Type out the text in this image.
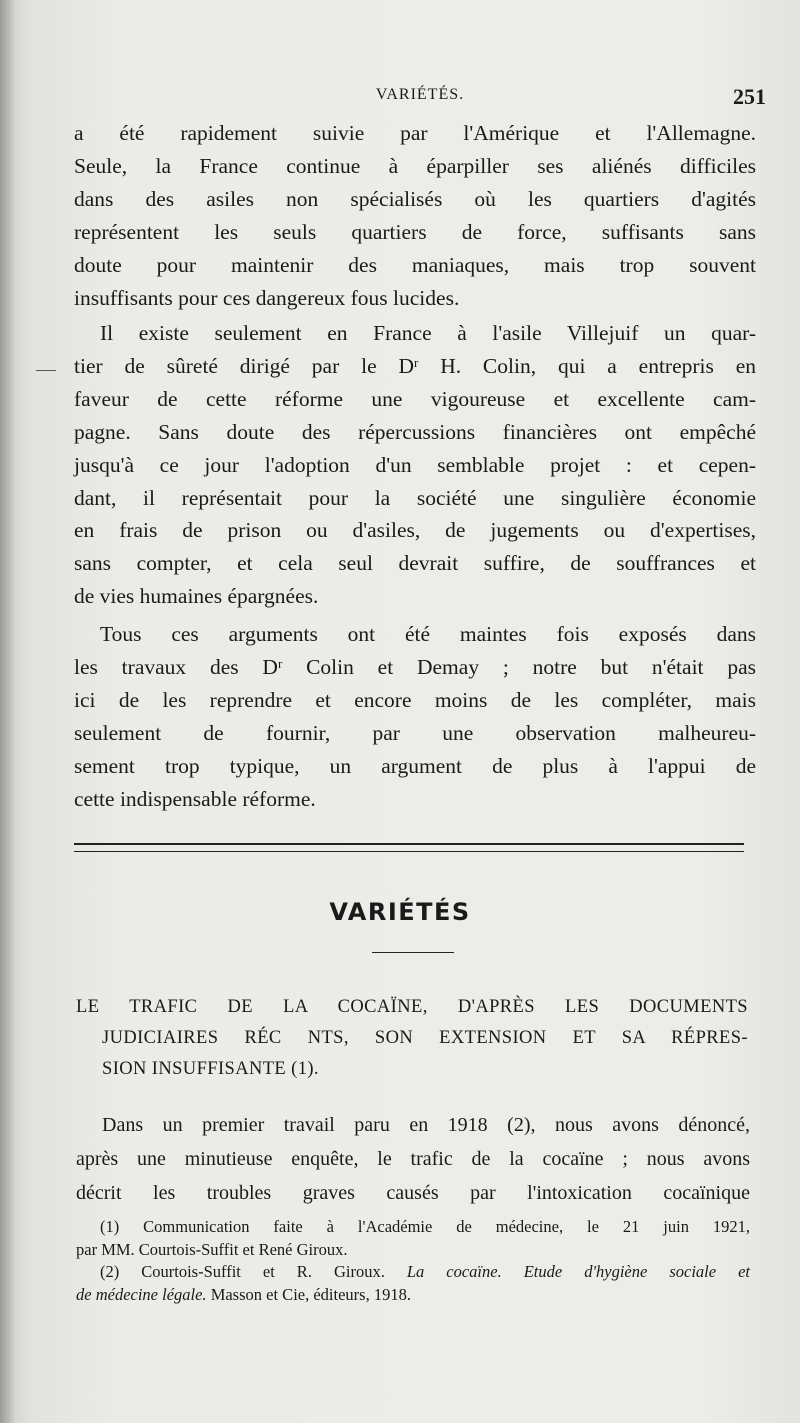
VARIÉTÉS.	251
a été rapidement suivie par l'Amérique et l'Allemagne.
Seule, la France continue à éparpiller ses aliénés difficiles
dans des asiles non spécialisés où les quartiers d'agités
représentent les seuls quartiers de force, suffisants sans
doute pour maintenir des maniaques, mais trop souvent
insuffisants pour ces dangereux fous lucides.
Il existe seulement en France à l'asile Villejuif un quar-
tier de sûreté dirigé par le $D^r$ H. Colin, qui a entrepris en
faveur de cette réforme une vigoureuse et excellente cam-
pagne. Sans doute des répercussions financières ont empêché
jusqu'à ce jour l'adoption d'un semblable projet : et cepen-
dant, il représentait pour la société une singulière économie
en frais de prison ou d'asiles, de jugements ou d'expertises,
sans compter, et cela seul devrait suffire, de souffrances et
de vies humaines épargnées.
Tous ces arguments ont été maintes fois exposés dans
les travaux des $D^r$ Colin et Demay ; notre but n'était pas
ici de les reprendre et encore moins de les compléter, mais
seulement de fournir, par une observation malheureu-
sement trop typique, un argument de plus à l'appui de
cette indispensable réforme.
VARIÉTÉS
LE TRAFIC DE LA COCAÏNE, D'APRÈS LES DOCUMENTS
JUDICIAIRES RÉC NTS, SON EXTENSION ET SA RÉPRES-
SION INSUFFISANTE (1).
Dans un premier travail paru en 1918 (2), nous avons dénoncé,
après une minutieuse enquête, le trafic de la cocaïne ; nous avons
décrit les troubles graves causés par l'intoxication cocaïnique
(1) Communication faite à l'Académie de médecine, le 21 juin 1921,
par MM. Courtois-Suffit et René Giroux.
(2) Courtois-Suffit et R. Giroux. La cocaïne. Etude d'hygiène sociale et
de médecine légale. Masson et Cie, éditeurs, 1918.
